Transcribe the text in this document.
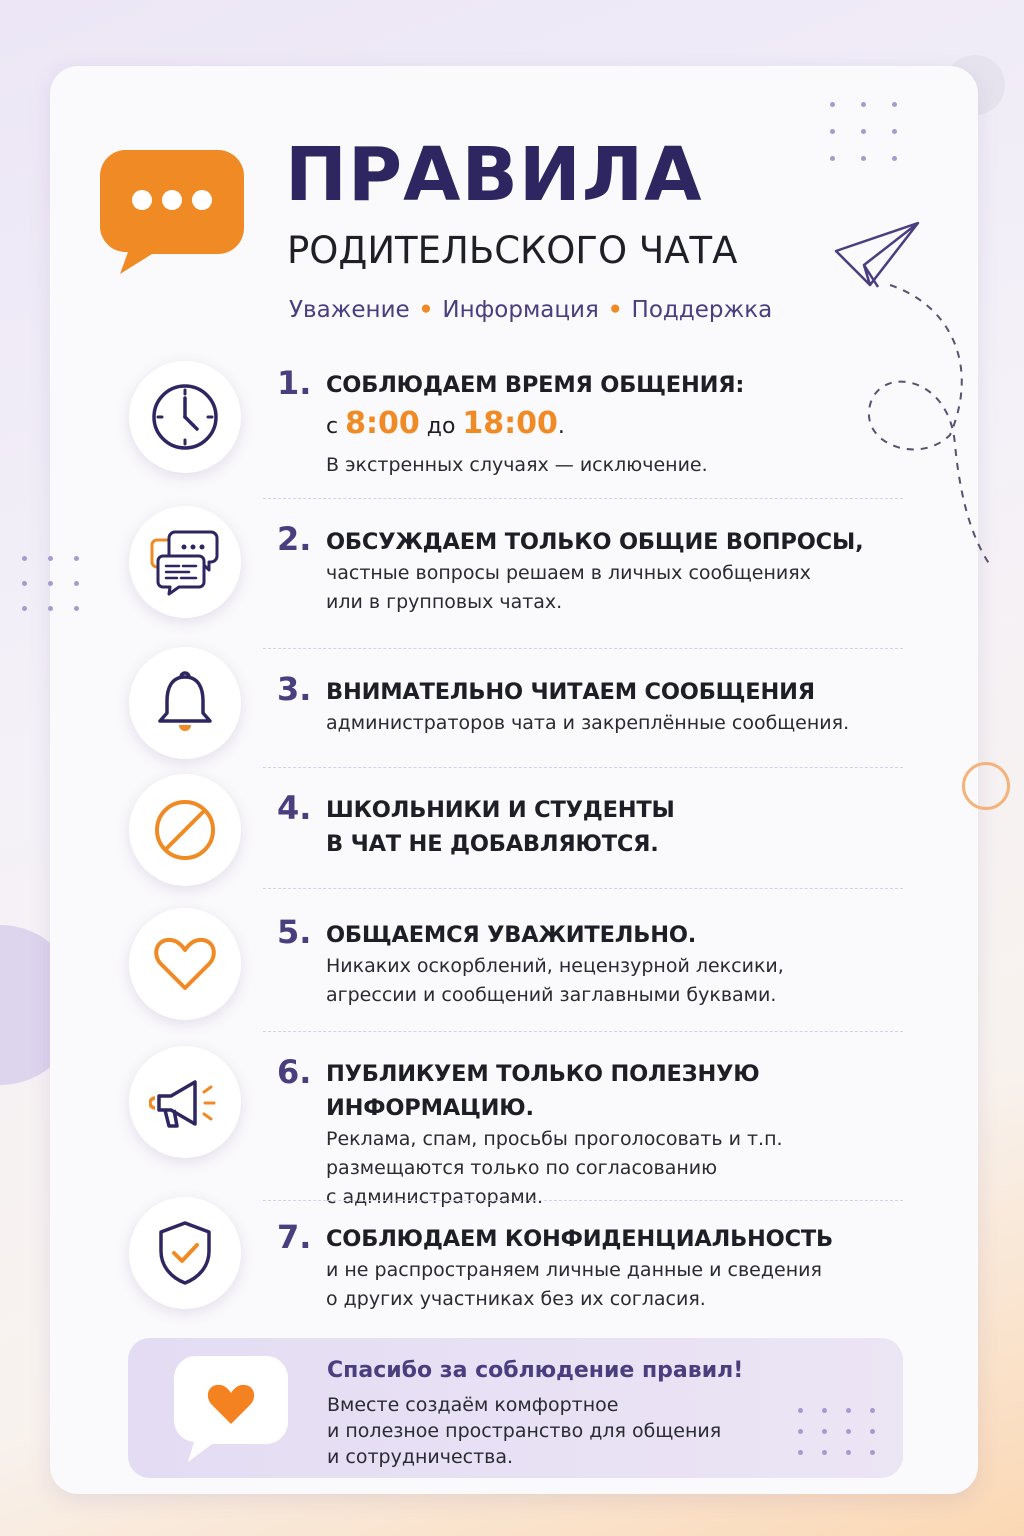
ПРАВИЛА
РОДИТЕЛЬСКОГО ЧАТА
Уважение • Информация • Поддержка
1. СОБЛЮДАЕМ ВРЕМЯ ОБЩЕНИЯ:
с 8:00 до 18:00.
В экстренных случаях — исключение.
2. ОБСУЖДАЕМ ТОЛЬКО ОБЩИЕ ВОПРОСЫ,
частные вопросы решаем в личных сообщениях
или в групповых чатах.
3. ВНИМАТЕЛЬНО ЧИТАЕМ СООБЩЕНИЯ
администраторов чата и закреплённые сообщения.
4. ШКОЛЬНИКИ И СТУДЕНТЫ
В ЧАТ НЕ ДОБАВЛЯЮТСЯ.
5. ОБЩАЕМСЯ УВАЖИТЕЛЬНО.
Никаких оскорблений, нецензурной лексики,
агрессии и сообщений заглавными буквами.
6. ПУБЛИКУЕМ ТОЛЬКО ПОЛЕЗНУЮ ИНФОРМАЦИЮ.
Реклама, спам, просьбы проголосовать и т.п.
размещаются только по согласованию
с администраторами.
7. СОБЛЮДАЕМ КОНФИДЕНЦИАЛЬНОСТЬ
и не распространяем личные данные и сведения
о других участниках без их согласия.
Спасибо за соблюдение правил!
Вместе создаём комфортное
и полезное пространство для общения
и сотрудничества.
